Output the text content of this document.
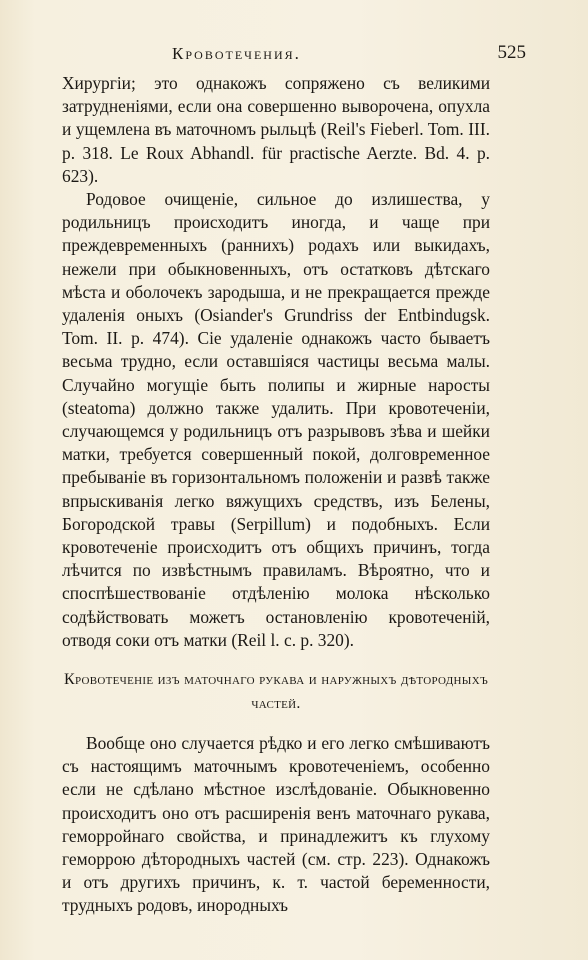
Кровотечения.	525

Хирургіи; это однакожъ сопряжено съ великими затрудненіями, если она совершенно выворочена, опухла и ущемлена въ маточномъ рыльцѣ (Reil's Fieberl. Tom. III. p. 318. Le Roux Abhandl. für practische Aerzte. Bd. 4. p. 623).

Родовое очищеніе, сильное до излишества, у родильницъ происходитъ иногда, и чаще при преждевременныхъ (раннихъ) родахъ или выкидахъ, нежели при обыкновенныхъ, отъ остатковъ дѣтскаго мѣста и оболочекъ зародыша, и не прекращается прежде удаленія оныхъ (Osiander's Grundriss der Entbindugsk. Tom. II. p. 474). Сіе удаленіе однакожъ часто бываетъ весьма трудно, если оставшіяся частицы весьма малы. Случайно могущіе быть полипы и жирные наросты (steatoma) должно также удалить. При кровотеченіи, случающемся у родильницъ отъ разрывовъ зѣва и шейки матки, требуется совершенный покой, долговременное пребываніе въ горизонтальномъ положеніи и развѣ также впрыскиванія легко вяжущихъ средствъ, изъ Белены, Богородской травы (Serpillum) и подобныхъ. Если кровотеченіе происходитъ отъ общихъ причинъ, тогда лѣчится по извѣстнымъ правиламъ. Вѣроятно, что и споспѣшествованіе отдѣленію молока нѣсколько содѣйствовать можетъ остановленію кровотеченій, отводя соки отъ матки (Reil l. c. p. 320).

Кровотеченіе изъ маточнаго рукава и наружныхъ дѣтородныхъ частей.

Вообще оно случается рѣдко и его легко смѣшиваютъ съ настоящимъ маточнымъ кровотеченіемъ, особенно если не сдѣлано мѣстное изслѣдованіе. Обыкновенно происходитъ оно отъ расширенія венъ маточнаго рукава, геморройнаго свойства, и принадлежитъ къ глухому геморрою дѣтородныхъ частей (см. стр. 223). Однакожъ и отъ другихъ причинъ, к. т. частой беременности, трудныхъ родовъ, инородныхъ
